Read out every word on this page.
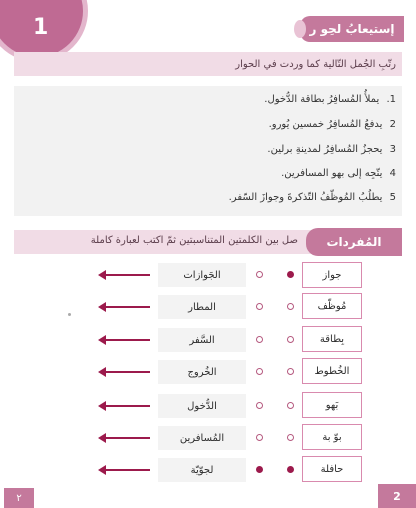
1	إستيعابُ لحِو ر
رتّبِ الجُمل التّالية كما وردت في الحوار
1. يملأُ المُسافِرُ بطاقة الدُّخول.
2 يدفعُ المُسافِرُ خمسين يُورو.
3 يحجزُ المُسافِرُ لمدينةِ برلين.
4 يتّجِه إلى بهو المسافرين.
5 يطلُبُ المُوظّفُ التّذكرةَ وجوازَ السّفر.
المُفردات
صل بين الكلمتين المتناسبتين ثمّ اكتب لعبارة كاملة
جواز
الجَوازات
مُوظّف
المطار
بِطاقة
السَّفر
الخُطوط
الخُروج
بَهو
الدُّخول
بوّ بة
المُسافرين
حافلة
لجوّيّة
٢	2
